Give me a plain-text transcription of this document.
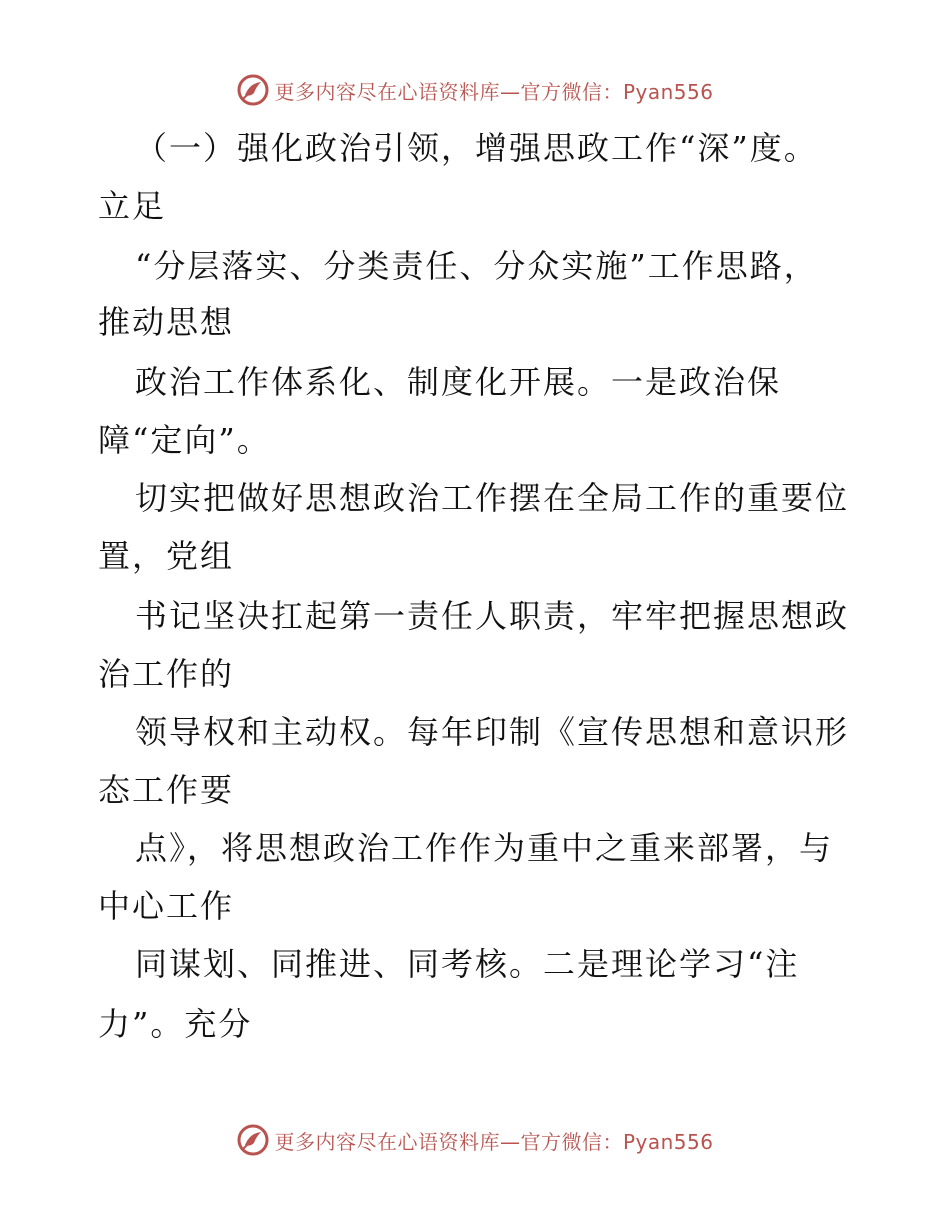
更多内容尽在心语资料库—官方微信：Pyan556
（一）强化政治引领，增强思政工作“深”度。
立足
“分层落实、分类责任、分众实施”工作思路，
推动思想
政治工作体系化、制度化开展。一是政治保
障“定向”。
切实把做好思想政治工作摆在全局工作的重要位
置，党组
书记坚决扛起第一责任人职责，牢牢把握思想政
治工作的
领导权和主动权。每年印制《宣传思想和意识形
态工作要
点》，将思想政治工作作为重中之重来部署，与
中心工作
同谋划、同推进、同考核。二是理论学习“注
力”。充分
更多内容尽在心语资料库—官方微信：Pyan556
